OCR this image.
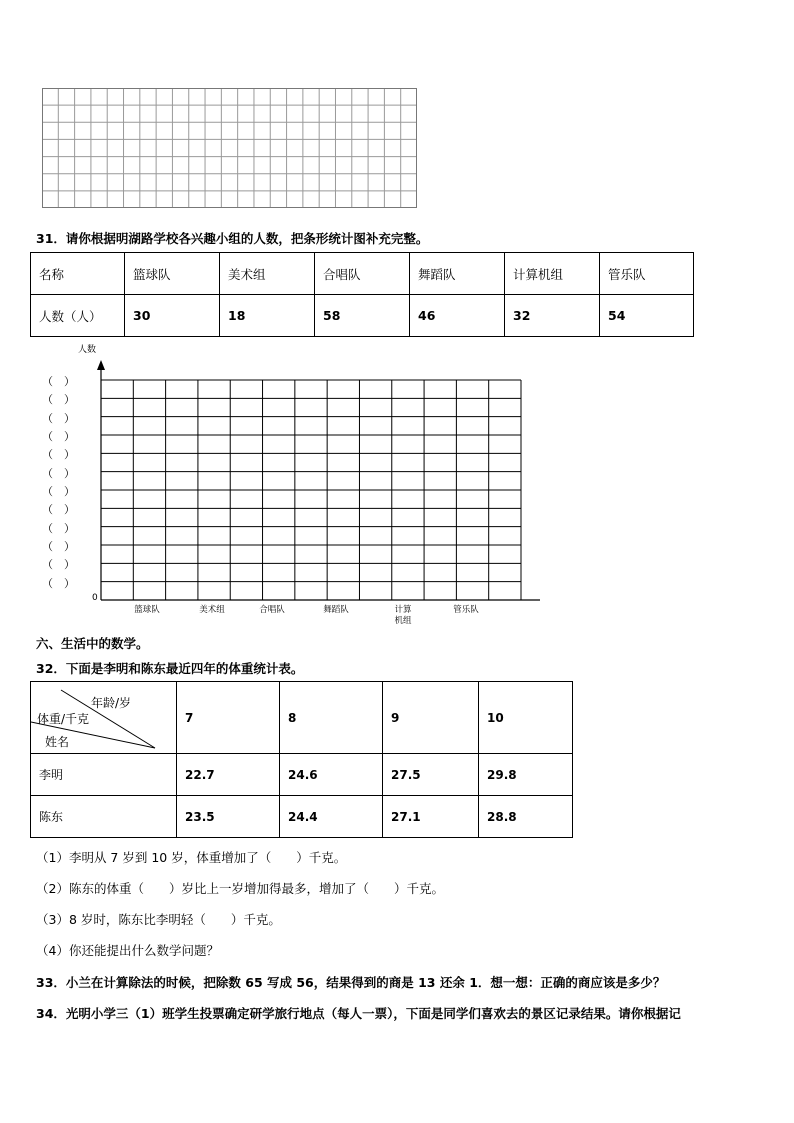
31．请你根据明湖路学校各兴趣小组的人数，把条形统计图补充完整。
名称	篮球队	美术组	合唱队	舞蹈队	计算机组	管乐队
人数（人）	30	18	58	46	32	54
人数
0
（　）
（　）
（　）
（　）
（　）
（　）
（　）
（　）
（　）
（　）
（　）
（　）
篮球队	美术组	合唱队	舞蹈队	计算
机组
管乐队
六、生活中的数学。
32．下面是李明和陈东最近四年的体重统计表。
年龄/岁
体重/千克
姓名	7	8	9	10
李明	22.7	24.6	27.5	29.8
陈东	23.5	24.4	27.1	28.8
（1）李明从 7 岁到 10 岁，体重增加了（　　）千克。
（2）陈东的体重（　　）岁比上一岁增加得最多，增加了（　　）千克。
（3）8 岁时，陈东比李明轻（　　）千克。
（4）你还能提出什么数学问题？
33．小兰在计算除法的时候，把除数 65 写成 56，结果得到的商是 13 还余 1．想一想：正确的商应该是多少？
34．光明小学三（1）班学生投票确定研学旅行地点（每人一票），下面是同学们喜欢去的景区记录结果。请你根据记
